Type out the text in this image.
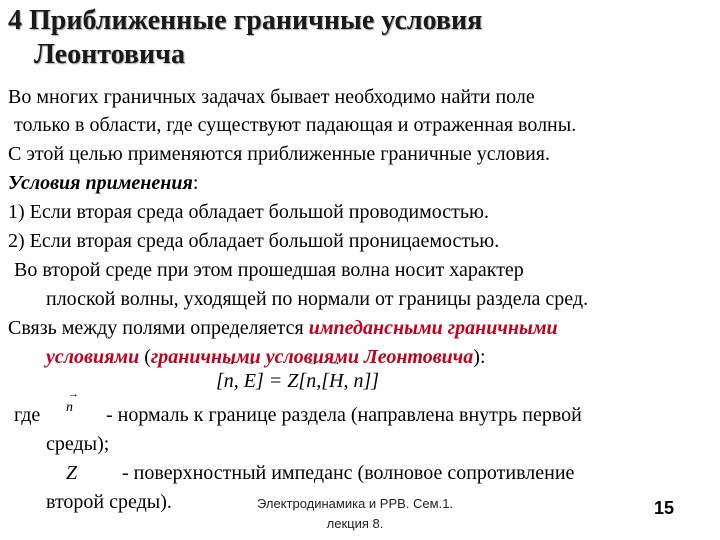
4 Приближенные граничные условия
Леонтовича
Во многих граничных задачах бывает необходимо найти поле
только в области, где существуют падающая и отраженная волны.
С этой целью применяются приближенные граничные условия.
Условия применения:
1) Если вторая среда обладает большой проводимостью.
2) Если вторая среда обладает большой проницаемостью.
Во второй среде при этом прошедшая волна носит характер
плоской волны, уходящей по нормали от границы раздела сред.
Связь между полями определяется импедансными граничными
условиями (граничными условиями Леонтовича):
[→ n, → E] = Z[→ n,[→ H, n]]
где
→ n - нормаль к границе раздела (направлена внутрь первой
среды);
Z - поверхностный импеданс (волновое сопротивление
второй среды).	Электродинамика и РРВ. Сем.1.
лекция 8.
15
